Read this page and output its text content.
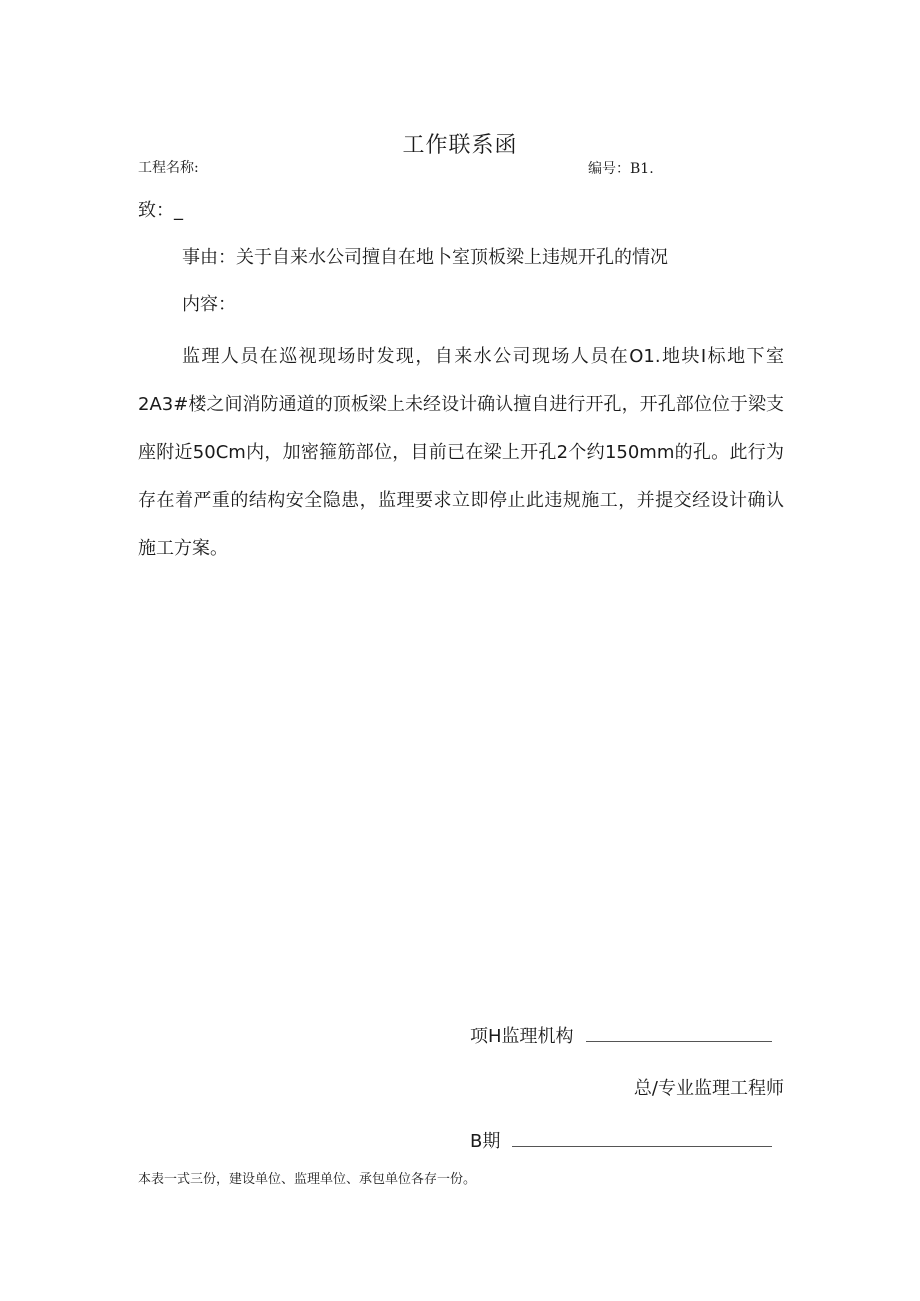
工作联系函
工程名称:	编号：B1.
致：_
事由：关于自来水公司擅自在地卜室顶板梁上违规开孔的情况
内容：
监理人员在巡视现场时发现，自来水公司现场人员在O1.地块I标地下室2A3#楼之间消防通道的顶板梁上未经设计确认擅自进行开孔，开孔部位位于梁支座附近50Cm内，加密箍筋部位，目前已在梁上开孔2个约150mm的孔。此行为存在着严重的结构安全隐患，监理要求立即停止此违规施工，并提交经设计确认施工方案。
项H监理机构
总/专业监理工程师
B期
本表一式三份，建设单位、监理单位、承包单位各存一份。
